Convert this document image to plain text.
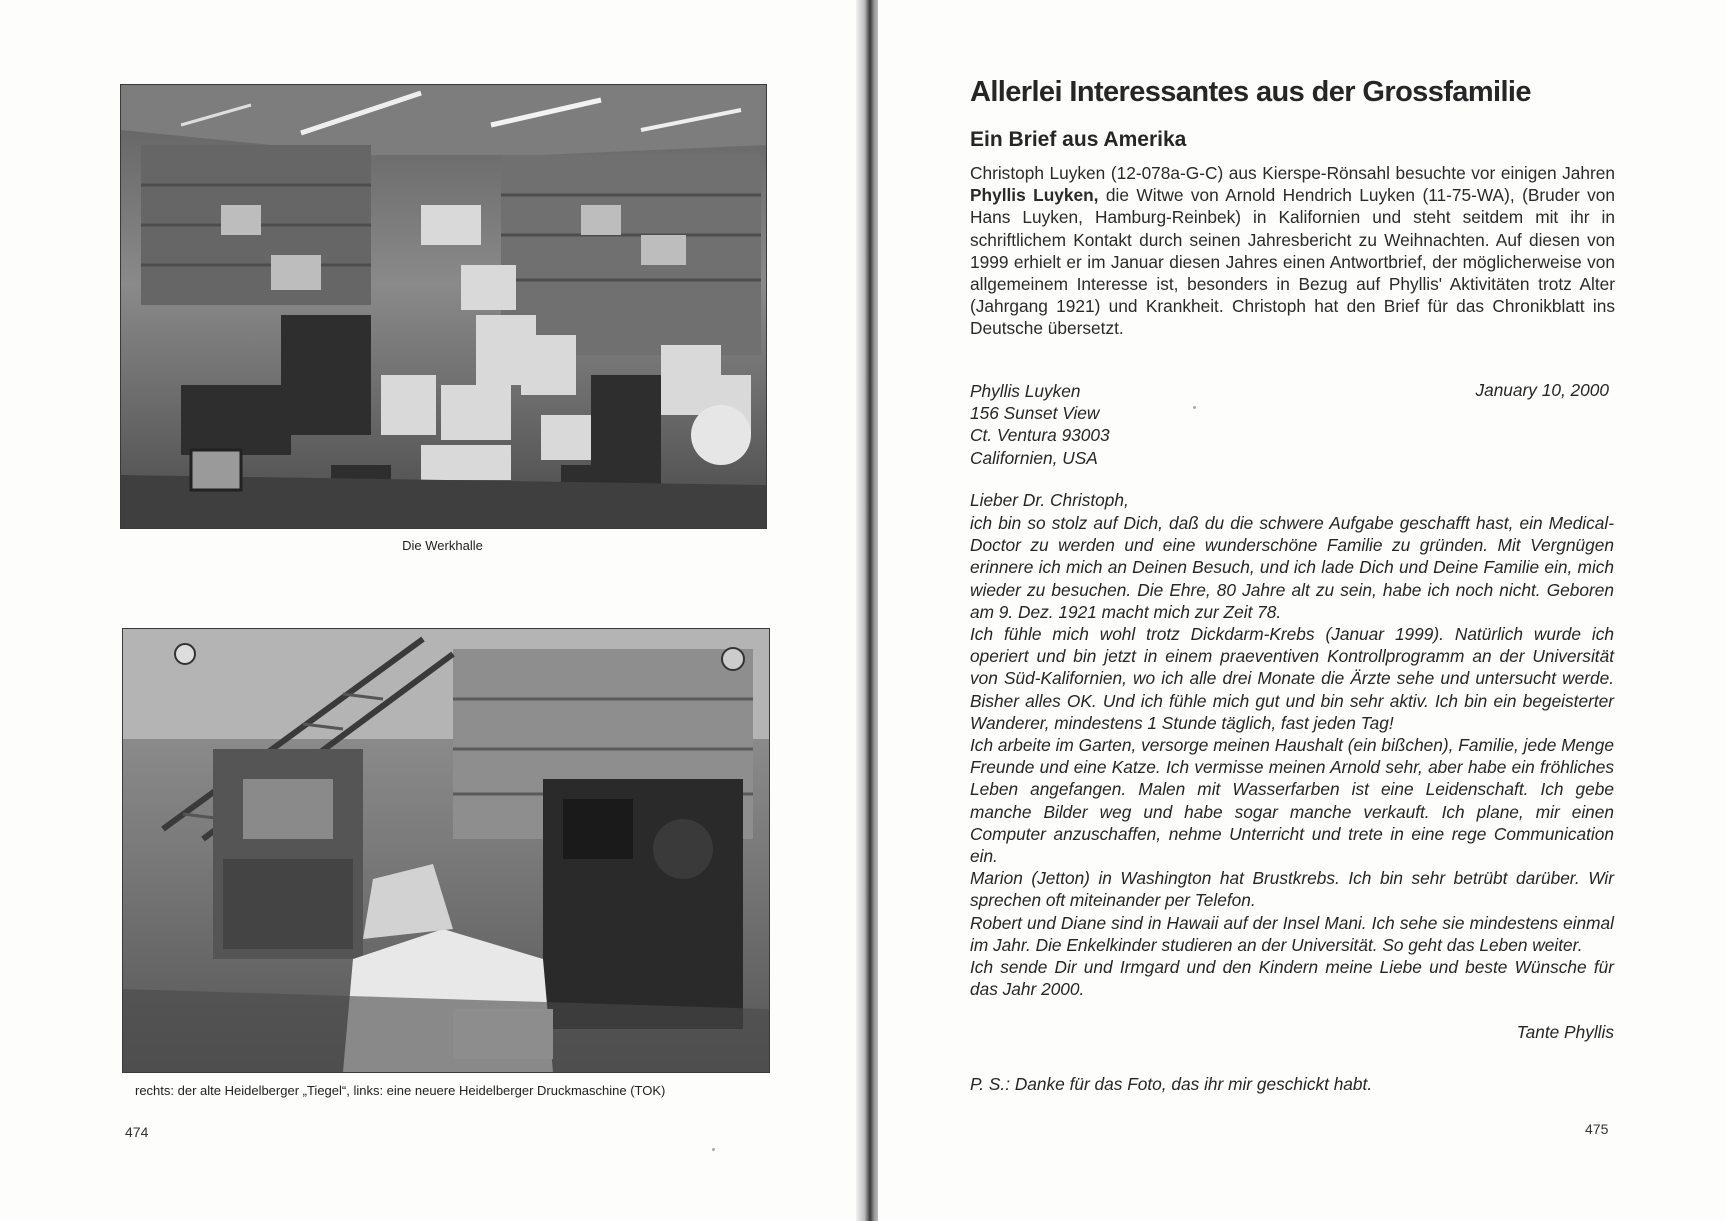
Die Werkhalle
rechts: der alte Heidelberger „Tiegel“, links: eine neuere Heidelberger Druckmaschine (TOK)
474
Allerlei Interessantes aus der Grossfamilie
Ein Brief aus Amerika

Christoph Luyken (12-078a-G-C) aus Kierspe-Rönsahl besuchte vor einigen Jahren Phyllis Luyken, die Witwe von Arnold Hendrich Luyken (11-75-WA), (Bruder von Hans Luyken, Hamburg-Reinbek) in Kalifornien und steht seitdem mit ihr in schriftlichem Kontakt durch seinen Jahresbericht zu Weihnachten. Auf diesen von 1999 erhielt er im Januar diesen Jahres einen Antwortbrief, der möglicherweise von allgemeinem Interesse ist, besonders in Bezug auf Phyllis' Aktivitäten trotz Alter (Jahrgang 1921) und Krankheit. Christoph hat den Brief für das Chronikblatt ins Deutsche übersetzt.

Phyllis Luyken
156 Sunset View
Ct. Ventura 93003
Californien, USA
January 10, 2000
Lieber Dr. Christoph,

ich bin so stolz auf Dich, daß du die schwere Aufgabe geschafft hast, ein Medical-Doctor zu werden und eine wunderschöne Familie zu gründen. Mit Vergnügen erinnere ich mich an Deinen Besuch, und ich lade Dich und Deine Familie ein, mich wieder zu besuchen. Die Ehre, 80 Jahre alt zu sein, habe ich noch nicht. Geboren am 9. Dez. 1921 macht mich zur Zeit 78.

Ich fühle mich wohl trotz Dickdarm-Krebs (Januar 1999). Natürlich wurde ich operiert und bin jetzt in einem praeventiven Kontrollprogramm an der Universität von Süd-Kalifornien, wo ich alle drei Monate die Ärzte sehe und untersucht werde. Bisher alles OK. Und ich fühle mich gut und bin sehr aktiv. Ich bin ein begeisterter Wanderer, mindestens 1 Stunde täglich, fast jeden Tag!

Ich arbeite im Garten, versorge meinen Haushalt (ein bißchen), Familie, jede Menge Freunde und eine Katze. Ich vermisse meinen Arnold sehr, aber habe ein fröhliches Leben angefangen. Malen mit Wasserfarben ist eine Leidenschaft. Ich gebe manche Bilder weg und habe sogar manche verkauft. Ich plane, mir einen Computer anzuschaffen, nehme Unterricht und trete in eine rege Communication ein.

Marion (Jetton) in Washington hat Brustkrebs. Ich bin sehr betrübt darüber. Wir sprechen oft miteinander per Telefon.

Robert und Diane sind in Hawaii auf der Insel Mani. Ich sehe sie mindestens einmal im Jahr. Die Enkelkinder studieren an der Universität. So geht das Leben weiter.

Ich sende Dir und Irmgard und den Kindern meine Liebe und beste Wünsche für das Jahr 2000.

Tante Phyllis
P. S.: Danke für das Foto, das ihr mir geschickt habt.
475
